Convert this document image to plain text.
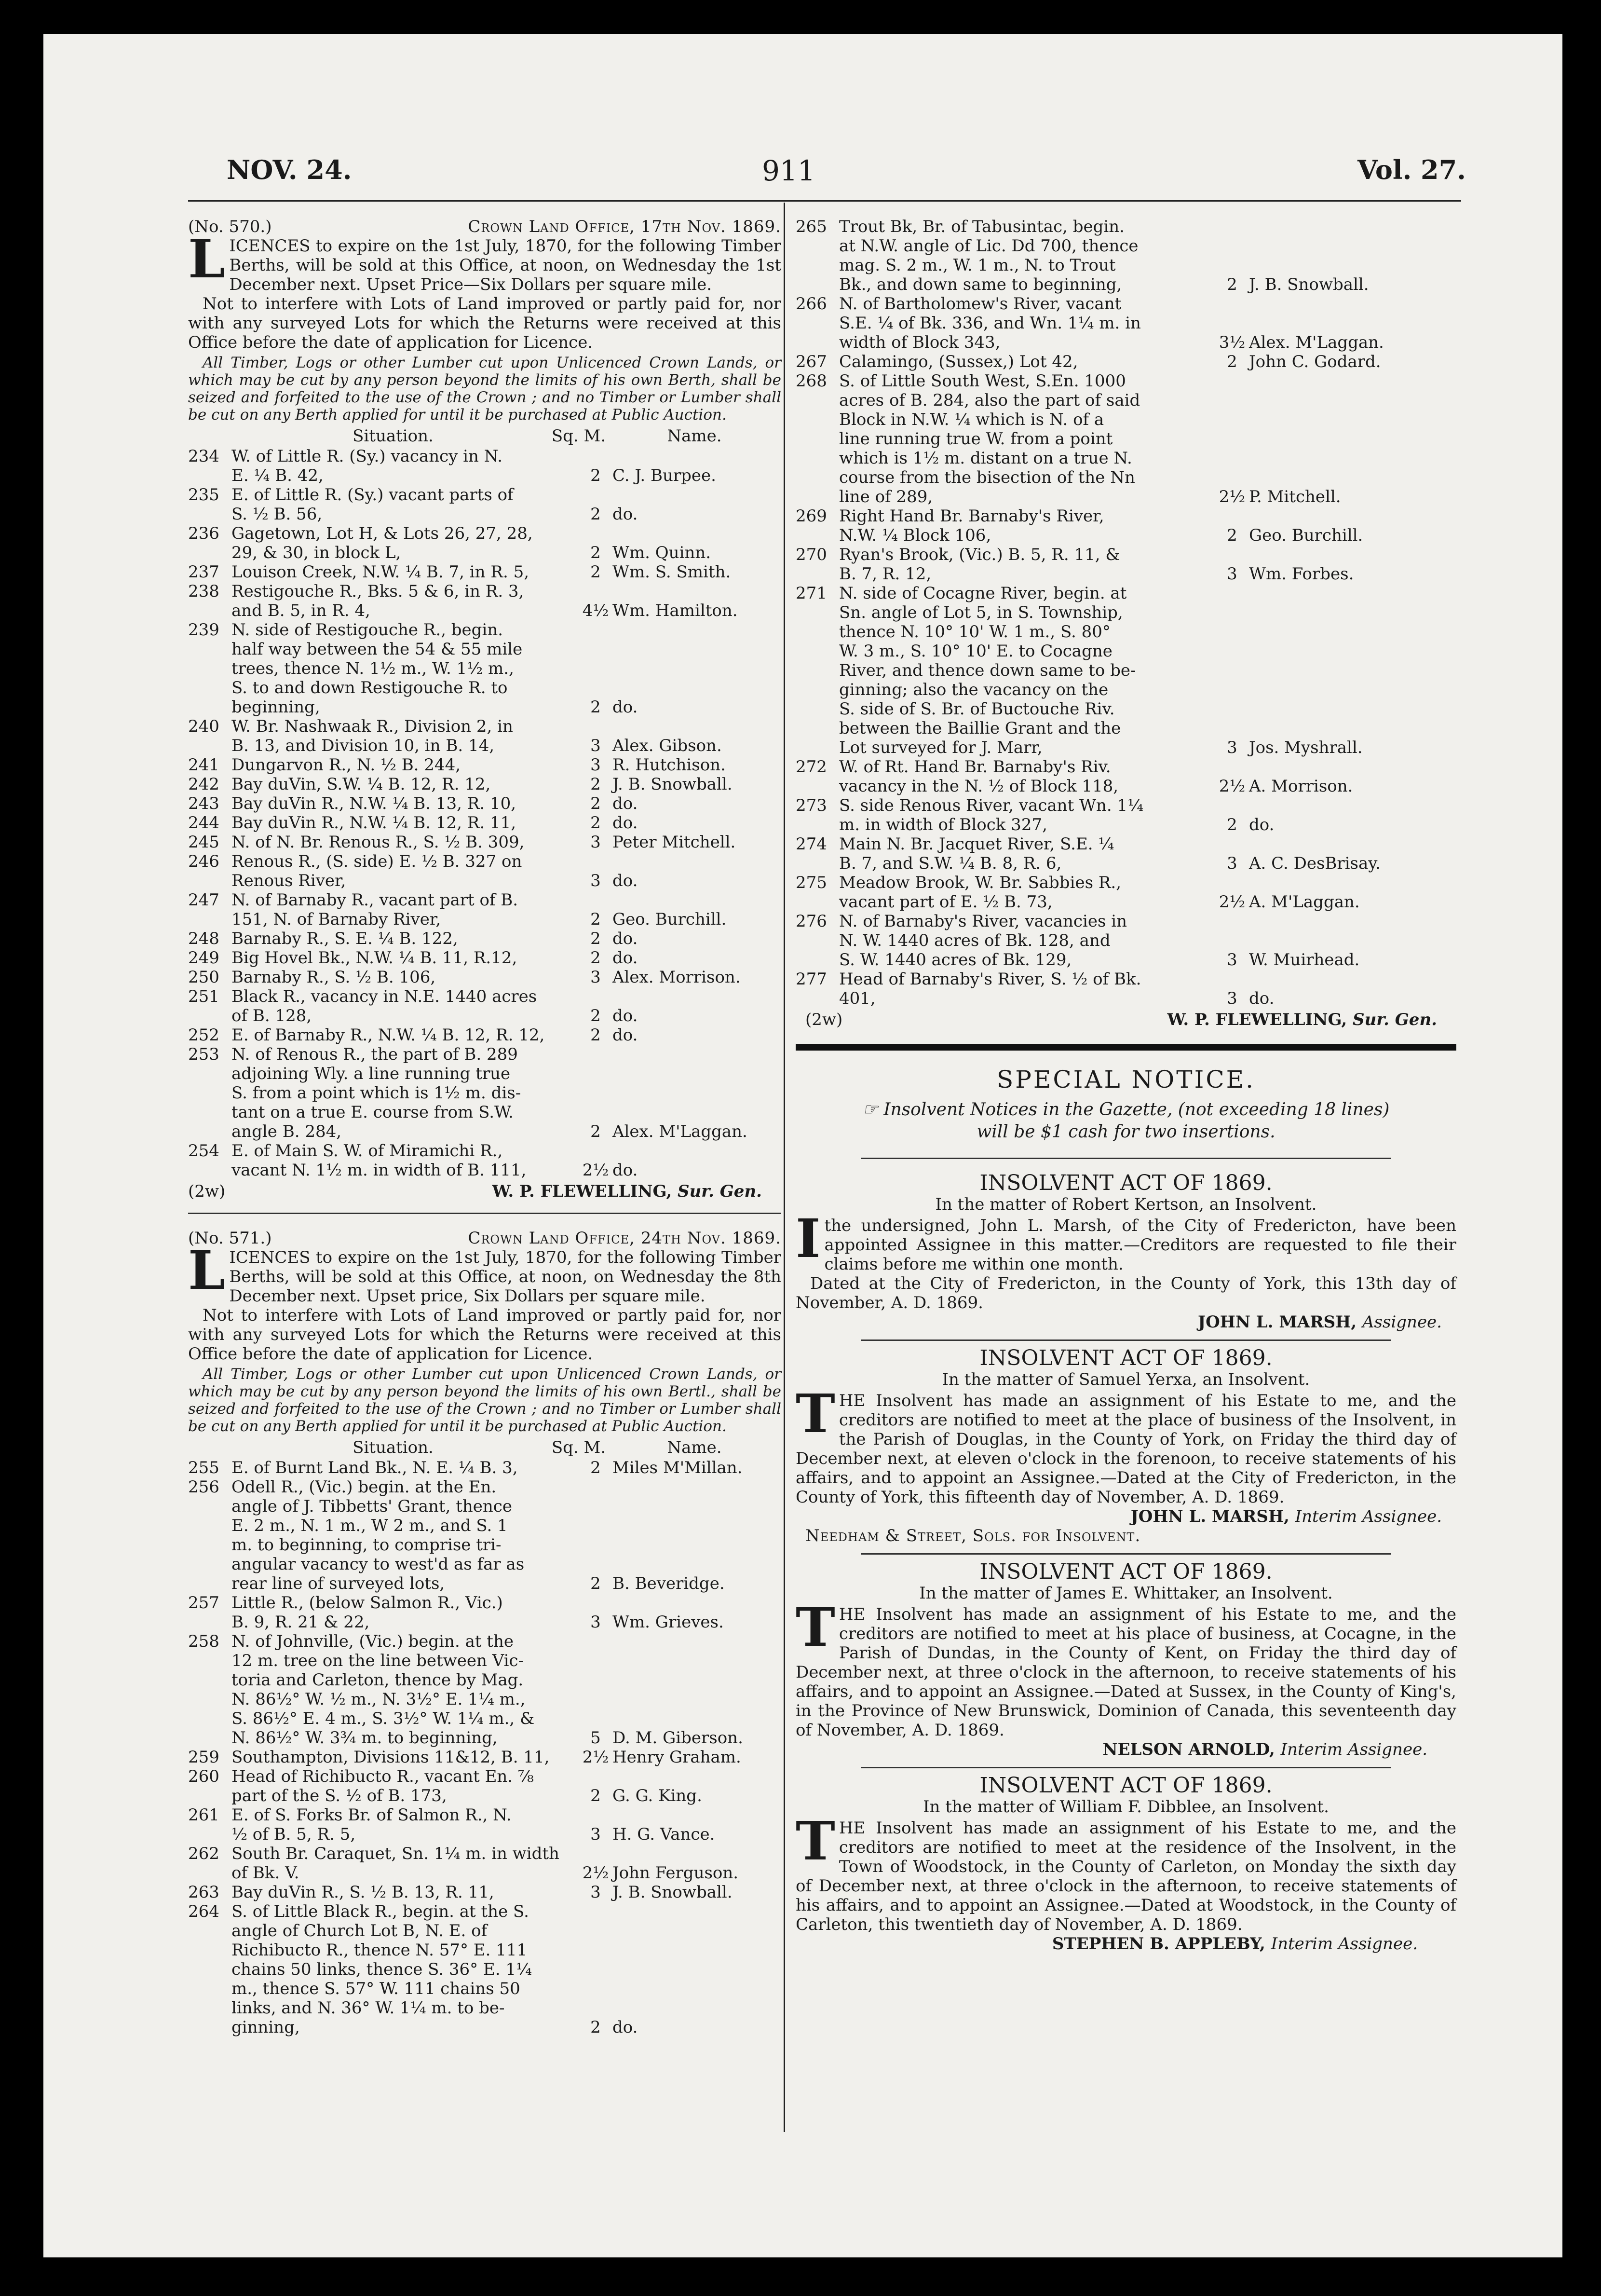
NOV. 24.	911	Vol. 27.
(No. 570.)	Crown Land Office, 17th Nov. 1869.

LICENCES to expire on the 1st July, 1870, for the following Timber Berths, will be sold at this Office, at noon, on Wednesday the 1st December next. Upset Price—Six Dollars per square mile.

Not to interfere with Lots of Land improved or partly paid for, nor with any surveyed Lots for which the Returns were received at this Office before the date of application for Licence.

All Timber, Logs or other Lumber cut upon Unlicenced Crown Lands, or which may be cut by any person beyond the limits of his own Berth, shall be seized and forfeited to the use of the Crown ; and no Timber or Lumber shall be cut on any Berth applied for until it be purchased at Public Auction.

Situation.	Sq. M.	Name.
234 W. of Little R. (Sy.) vacancy in N.
E. ¼ B. 42,	2 C. J. Burpee.
235 E. of Little R. (Sy.) vacant parts of
S. ½ B. 56,	2 do.
236 Gagetown, Lot H, & Lots 26, 27, 28,
29, & 30, in block L,	2 Wm. Quinn.
237 Louison Creek, N.W. ¼ B. 7, in R. 5,	2 Wm. S. Smith.
238 Restigouche R., Bks. 5 & 6, in R. 3,
and B. 5, in R. 4,	4½ Wm. Hamilton.
239 N. side of Restigouche R., begin.
half way between the 54 & 55 mile
trees, thence N. 1½ m., W. 1½ m.,
S. to and down Restigouche R. to
beginning,	2 do.
240 W. Br. Nashwaak R., Division 2, in
B. 13, and Division 10, in B. 14,	3 Alex. Gibson.
241 Dungarvon R., N. ½ B. 244,	3 R. Hutchison.
242 Bay duVin, S.W. ¼ B. 12, R. 12,	2 J. B. Snowball.
243 Bay duVin R., N.W. ¼ B. 13, R. 10,	2 do.
244 Bay duVin R., N.W. ¼ B. 12, R. 11,	2 do.
245 N. of N. Br. Renous R., S. ½ B. 309,	3 Peter Mitchell.
246 Renous R., (S. side) E. ½ B. 327 on
Renous River,	3 do.
247 N. of Barnaby R., vacant part of B.
151, N. of Barnaby River,	2 Geo. Burchill.
248 Barnaby R., S. E. ¼ B. 122,	2 do.
249 Big Hovel Bk., N.W. ¼ B. 11, R.12,	2 do.
250 Barnaby R., S. ½ B. 106,	3 Alex. Morrison.
251 Black R., vacancy in N.E. 1440 acres
of B. 128,	2 do.
252 E. of Barnaby R., N.W. ¼ B. 12, R. 12,	2 do.
253 N. of Renous R., the part of B. 289
adjoining Wly. a line running true
S. from a point which is 1½ m. dis-
tant on a true E. course from S.W.
angle B. 284,	2 Alex. M'Laggan.
254 E. of Main S. W. of Miramichi R.,
vacant N. 1½ m. in width of B. 111,	2½ do.
(2w)	W. P. FLEWELLING, Sur. Gen.
(No. 571.)	Crown Land Office, 24th Nov. 1869.

LICENCES to expire on the 1st July, 1870, for the following Timber Berths, will be sold at this Office, at noon, on Wednesday the 8th December next. Upset price, Six Dollars per square mile.

Not to interfere with Lots of Land improved or partly paid for, nor with any surveyed Lots for which the Returns were received at this Office before the date of application for Licence.

All Timber, Logs or other Lumber cut upon Unlicenced Crown Lands, or which may be cut by any person beyond the limits of his own Bertl., shall be seized and forfeited to the use of the Crown ; and no Timber or Lumber shall be cut on any Berth applied for until it be purchased at Public Auction.

Situation.	Sq. M.	Name.
255 E. of Burnt Land Bk., N. E. ¼ B. 3,	2 Miles M'Millan.
256 Odell R., (Vic.) begin. at the En.
angle of J. Tibbetts' Grant, thence
E. 2 m., N. 1 m., W 2 m., and S. 1
m. to beginning, to comprise tri-
angular vacancy to west'd as far as
rear line of surveyed lots,	2 B. Beveridge.
257 Little R., (below Salmon R., Vic.)
B. 9, R. 21 & 22,	3 Wm. Grieves.
258 N. of Johnville, (Vic.) begin. at the
12 m. tree on the line between Vic-
toria and Carleton, thence by Mag.
N. 86½° W. ½ m., N. 3½° E. 1¼ m.,
S. 86½° E. 4 m., S. 3½° W. 1¼ m., &
N. 86½° W. 3¾ m. to beginning,	5 D. M. Giberson.
259 Southampton, Divisions 11&12, B. 11,	2½ Henry Graham.
260 Head of Richibucto R., vacant En. ⅞
part of the S. ½ of B. 173,	2 G. G. King.
261 E. of S. Forks Br. of Salmon R., N.
½ of B. 5, R. 5,	3 H. G. Vance.
262 South Br. Caraquet, Sn. 1¼ m. in width
of Bk. V.	2½ John Ferguson.
263 Bay duVin R., S. ½ B. 13, R. 11,	3 J. B. Snowball.
264 S. of Little Black R., begin. at the S.
angle of Church Lot B, N. E. of
Richibucto R., thence N. 57° E. 111
chains 50 links, thence S. 36° E. 1¼
m., thence S. 57° W. 111 chains 50
links, and N. 36° W. 1¼ m. to be-
ginning,	2 do.
265 Trout Bk, Br. of Tabusintac, begin.
at N.W. angle of Lic. Dd 700, thence
mag. S. 2 m., W. 1 m., N. to Trout
Bk., and down same to beginning,	2 J. B. Snowball.
266 N. of Bartholomew's River, vacant
S.E. ¼ of Bk. 336, and Wn. 1¼ m. in
width of Block 343,	3½ Alex. M'Laggan.
267 Calamingo, (Sussex,) Lot 42,	2 John C. Godard.
268 S. of Little South West, S.En. 1000
acres of B. 284, also the part of said
Block in N.W. ¼ which is N. of a
line running true W. from a point
which is 1½ m. distant on a true N.
course from the bisection of the Nn
line of 289,	2½ P. Mitchell.
269 Right Hand Br. Barnaby's River,
N.W. ¼ Block 106,	2 Geo. Burchill.
270 Ryan's Brook, (Vic.) B. 5, R. 11, &
B. 7, R. 12,	3 Wm. Forbes.
271 N. side of Cocagne River, begin. at
Sn. angle of Lot 5, in S. Township,
thence N. 10° 10' W. 1 m., S. 80°
W. 3 m., S. 10° 10' E. to Cocagne
River, and thence down same to be-
ginning; also the vacancy on the
S. side of S. Br. of Buctouche Riv.
between the Baillie Grant and the
Lot surveyed for J. Marr,	3 Jos. Myshrall.
272 W. of Rt. Hand Br. Barnaby's Riv.
vacancy in the N. ½ of Block 118,	2½ A. Morrison.
273 S. side Renous River, vacant Wn. 1¼
m. in width of Block 327,	2 do.
274 Main N. Br. Jacquet River, S.E. ¼
B. 7, and S.W. ¼ B. 8, R. 6,	3 A. C. DesBrisay.
275 Meadow Brook, W. Br. Sabbies R.,
vacant part of E. ½ B. 73,	2½ A. M'Laggan.
276 N. of Barnaby's River, vacancies in
N. W. 1440 acres of Bk. 128, and
S. W. 1440 acres of Bk. 129,	3 W. Muirhead.
277 Head of Barnaby's River, S. ½ of Bk.
401,	3 do.
(2w)	W. P. FLEWELLING, Sur. Gen.
SPECIAL NOTICE.
☞ Insolvent Notices in the Gazette, (not exceeding 18 lines)
will be $1 cash for two insertions.
INSOLVENT ACT OF 1869.
In the matter of Robert Kertson, an Insolvent.

Ithe undersigned, John L. Marsh, of the City of Fredericton, have been appointed Assignee in this matter.—Creditors are requested to file their claims before me within one month.

Dated at the City of Fredericton, in the County of York, this 13th day of November, A. D. 1869.

JOHN L. MARSH, Assignee.
INSOLVENT ACT OF 1869.
In the matter of Samuel Yerxa, an Insolvent.

THE Insolvent has made an assignment of his Estate to me, and the creditors are notified to meet at the place of business of the Insolvent, in the Parish of Douglas, in the County of York, on Friday the third day of December next, at eleven o'clock in the forenoon, to receive statements of his affairs, and to appoint an Assignee.—Dated at the City of Fredericton, in the County of York, this fifteenth day of November, A. D. 1869.

JOHN L. MARSH, Interim Assignee.
Needham & Street, Sols. for Insolvent.
INSOLVENT ACT OF 1869.
In the matter of James E. Whittaker, an Insolvent.

THE Insolvent has made an assignment of his Estate to me, and the creditors are notified to meet at his place of business, at Cocagne, in the Parish of Dundas, in the County of Kent, on Friday the third day of December next, at three o'clock in the afternoon, to receive statements of his affairs, and to appoint an Assignee.—Dated at Sussex, in the County of King's, in the Province of New Brunswick, Dominion of Canada, this seventeenth day of November, A. D. 1869.

NELSON ARNOLD, Interim Assignee.
INSOLVENT ACT OF 1869.
In the matter of William F. Dibblee, an Insolvent.

THE Insolvent has made an assignment of his Estate to me, and the creditors are notified to meet at the residence of the Insolvent, in the Town of Woodstock, in the County of Carleton, on Monday the sixth day of December next, at three o'clock in the afternoon, to receive statements of his affairs, and to appoint an Assignee.—Dated at Woodstock, in the County of Carleton, this twentieth day of November, A. D. 1869.

STEPHEN B. APPLEBY, Interim Assignee.
